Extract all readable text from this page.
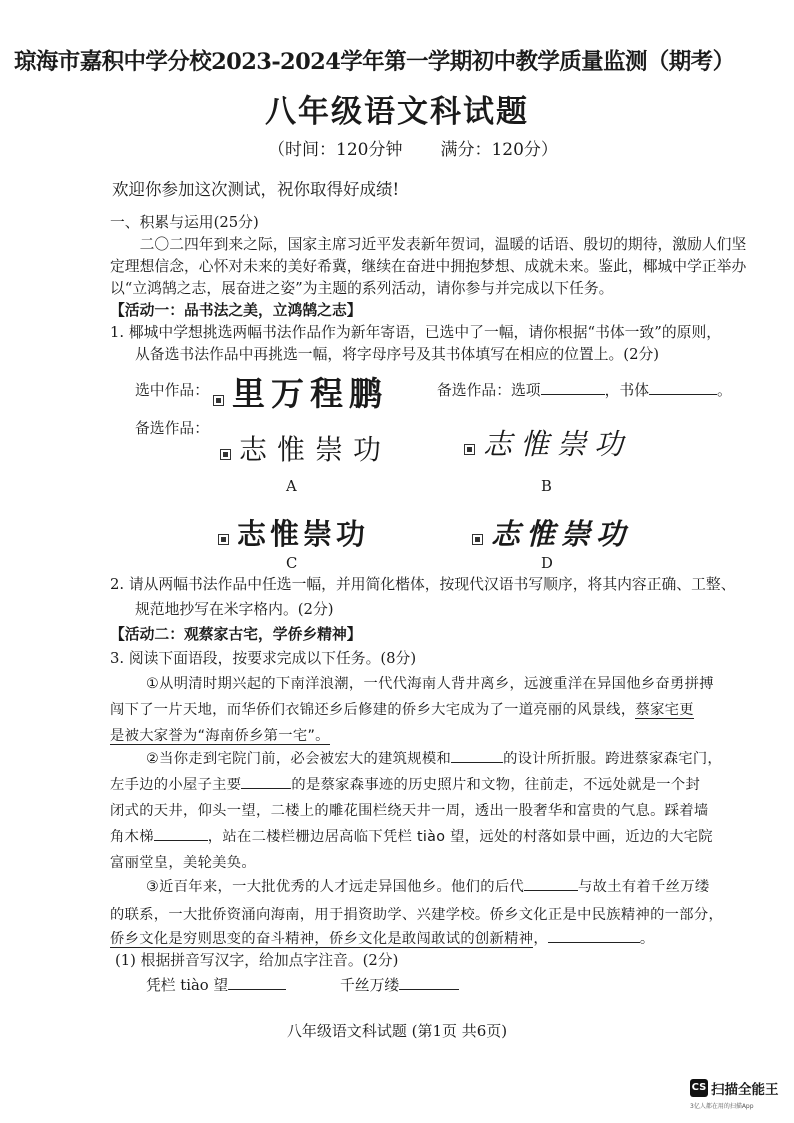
琼海市嘉积中学分校2023-2024学年第一学期初中教学质量监测（期考）
八年级语文科试题
（时间：120分钟 满分：120分）
欢迎你参加这次测试，祝你取得好成绩!
一、积累与运用(25分)
二〇二四年到来之际，国家主席习近平发表新年贺词，温暖的话语、殷切的期待，激励人们坚定理想信念，心怀对未来的美好希冀，继续在奋进中拥抱梦想、成就未来。鉴此，椰城中学正举办以“立鸿鹄之志，展奋进之姿”为主题的系列活动，请你参与并完成以下任务。
【活动一：品书法之美，立鸿鹄之志】
1. 椰城中学想挑选两幅书法作品作为新年寄语，已选中了一幅，请你根据“书体一致”的原则，
从备选书法作品中再挑选一幅，将字母序号及其书体填写在相应的位置上。(2分)
选中作品： 里万程鹏	备选作品：选项	，书体	。
备选作品：
志惟崇功
A
志惟崇功
B
志惟崇功
C
志惟崇功
D
2. 请从两幅书法作品中任选一幅，并用简化楷体，按现代汉语书写顺序，将其内容正确、工整、
规范地抄写在米字格内。(2分)
【活动二：观蔡家古宅，学侨乡精神】
3. 阅读下面语段，按要求完成以下任务。(8分)
①从明清时期兴起的下南洋浪潮，一代代海南人背井离乡，远渡重洋在异国他乡奋勇拼搏
闯下了一片天地，而华侨们衣锦还乡后修建的侨乡大宅成为了一道亮丽的风景线，蔡家宅更
是被大家誉为“海南侨乡第一宅”。
②当你走到宅院门前，必会被宏大的建筑规模和	的设计所折服。跨进蔡家森宅门，
左手边的小屋子主要	的是蔡家森事迹的历史照片和文物，往前走，不远处就是一个封
闭式的天井，仰头一望，二楼上的雕花围栏绕天井一周，透出一股奢华和富贵的气息。踩着墙
角木梯	，站在二楼栏栅边居高临下凭栏 tiào 望，远处的村落如景中画，近边的大宅院
富丽堂皇，美轮美奂。
③近百年来，一大批优秀的人才远走异国他乡。他们的后代	与故土有着千丝万缕
的联系，一大批侨资涌向海南，用于捐资助学、兴建学校。侨乡文化正是中民族精神的一部分，
侨乡文化是穷则思变的奋斗精神，侨乡文化是敢闯敢试的创新精神，	。
(1) 根据拼音写汉字，给加点字注音。(2分)
凭栏 tiào 望	千丝万缕
八年级语文科试题 (第1页 共6页)
CS 扫描全能王
3亿人都在用的扫描App
